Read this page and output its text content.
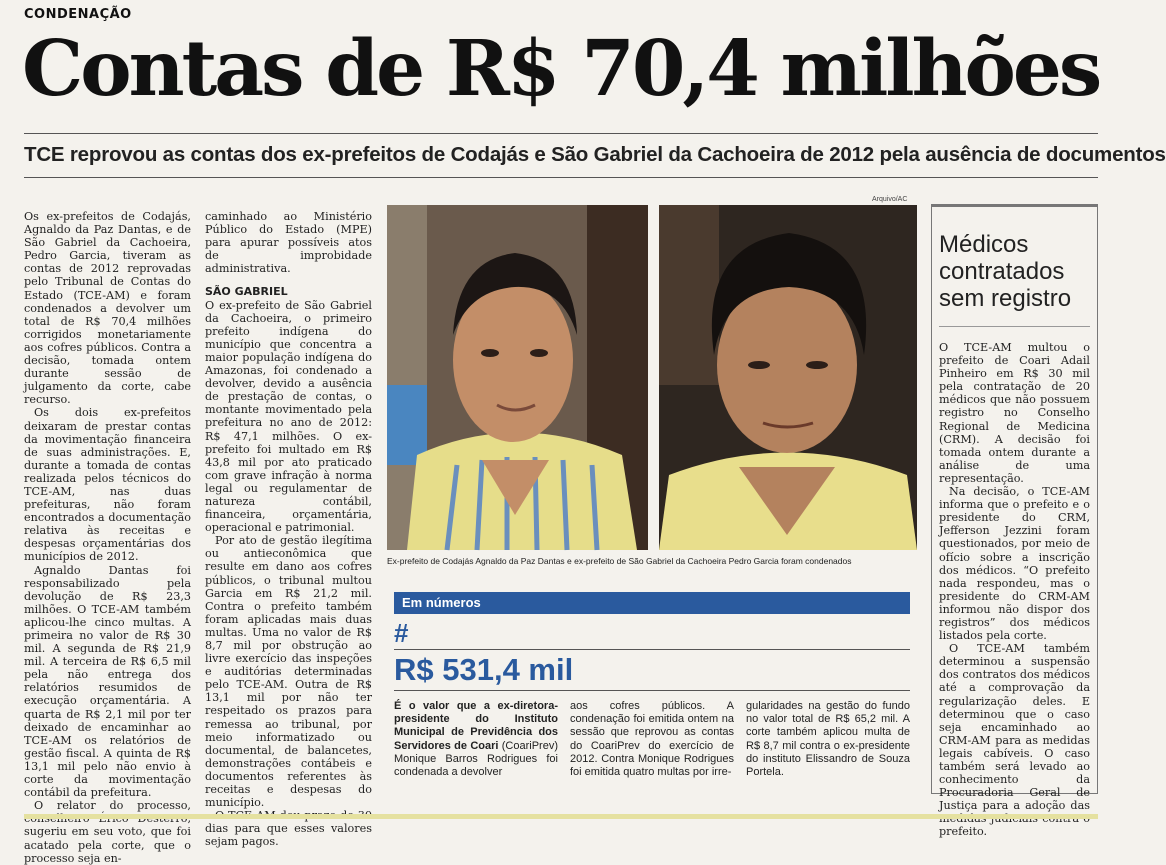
CONDENAÇÃO
Contas de R$ 70,4 milhões
TCE reprovou as contas dos ex-prefeitos de Codajás e São Gabriel da Cachoeira de 2012 pela ausência de documentos

Os ex-prefeitos de Codajás, Agnaldo da Paz Dantas, e de São Gabriel da Cachoeira, Pedro Garcia, tiveram as contas de 2012 reprovadas pelo Tribunal de Contas do Estado (TCE-AM) e foram condenados a devolver um total de R$ 70,4 milhões corrigidos monetariamente aos cofres públicos. Contra a decisão, tomada ontem durante sessão de julgamento da corte, cabe recurso.

Os dois ex-prefeitos deixaram de prestar contas da movimentação financeira de suas administrações. E, durante a tomada de contas realizada pelos técnicos do TCE-AM, nas duas prefeituras, não foram encontrados a documentação relativa às receitas e despesas orçamentárias dos municípios de 2012.

Agnaldo Dantas foi responsabilizado pela devolução de R$ 23,3 milhões. O TCE-AM também aplicou-lhe cinco multas. A primeira no valor de R$ 30 mil. A segunda de R$ 21,9 mil. A terceira de R$ 6,5 mil pela não entrega dos relatórios resumidos de execução orçamentária. A quarta de R$ 2,1 mil por ter deixado de encaminhar ao TCE-AM os relatórios de gestão fiscal. A quinta de R$ 13,1 mil pelo não envio à corte da movimentação contábil da prefeitura.

O relator do processo, sugeriu em seu voto, que foi acatado pela corte, que o processo seja en-

caminhado ao Ministério Público do Estado (MPE) para apurar possíveis atos de improbidade administrativa.

SÃO GABRIEL

O ex-prefeito de São Gabriel da Cachoeira, o primeiro prefeito indígena do município que concentra a maior população indígena do Amazonas, foi condenado a devolver, devido a ausência de prestação de contas, o montante movimentado pela prefeitura no ano de 2012: R$ 47,1 milhões. O ex-prefeito foi multado em R$ 43,8 mil por ato praticado com grave infração à norma legal ou regulamentar de natureza contábil, financeira, orçamentária, operacional e patrimonial.

Por ato de gestão ilegítima ou antieconômica que resulte em dano aos cofres públicos, o tribunal multou Garcia em R$ 21,2 mil. Contra o prefeito também foram aplicadas mais duas multas. Uma no valor de R$ 8,7 mil por obstrução ao livre exercício das inspeções e auditórias determinadas pelo TCE-AM. Outra de R$ 13,1 mil por não ter respeitado os prazos para remessa ao tribunal, por meio informatizado ou documental, de balancetes, demonstrações contábeis e documentos referentes às receitas e despesas do município.

dias para que esses valores sejam pagos.

Arquivo/AC
Ex-prefeito de Codajás Agnaldo da Paz Dantas e ex-prefeito de São Gabriel da Cachoeira Pedro Garcia foram condenados
Em números
#
R$ 531,4 mil
É o valor que a ex-diretora-presidente do Instituto Municipal de Previdência dos Servidores de Coari (CoariPrev) Monique Barros Rodrigues foi condenada a devolver
aos cofres públicos. A condenação foi emitida ontem na sessão que reprovou as contas do CoariPrev do exercício de 2012. Contra Monique Rodrigues foi emitida quatro multas por irre-
gularidades na gestão do fundo no valor total de R$ 65,2 mil. A corte também aplicou multa de R$ 8,7 mil contra o ex-presidente do instituto Elissandro de Souza Portela.
Médicos contratados sem registro

O TCE-AM multou o prefeito de Coari Adail Pinheiro em R$ 30 mil pela contratação de 20 médicos que não possuem registro no Conselho Regional de Medicina (CRM). A decisão foi tomada ontem durante a análise de uma representação.

Na decisão, o TCE-AM informa que o prefeito e o presidente do CRM, Jefferson Jezzini foram questionados, por meio de ofício sobre a inscrição dos médicos. “O prefeito nada respondeu, mas o presidente do CRM-AM informou não dispor dos registros” dos médicos listados pela corte.

O TCE-AM também determinou a suspensão dos contratos dos médicos até a comprovação da regularização deles. E determinou que o caso seja encaminhado ao CRM-AM para as medidas legais cabíveis. O caso também será levado ao conhecimento da Procuradoria Geral de Justiça para a adoção das prefeito.
